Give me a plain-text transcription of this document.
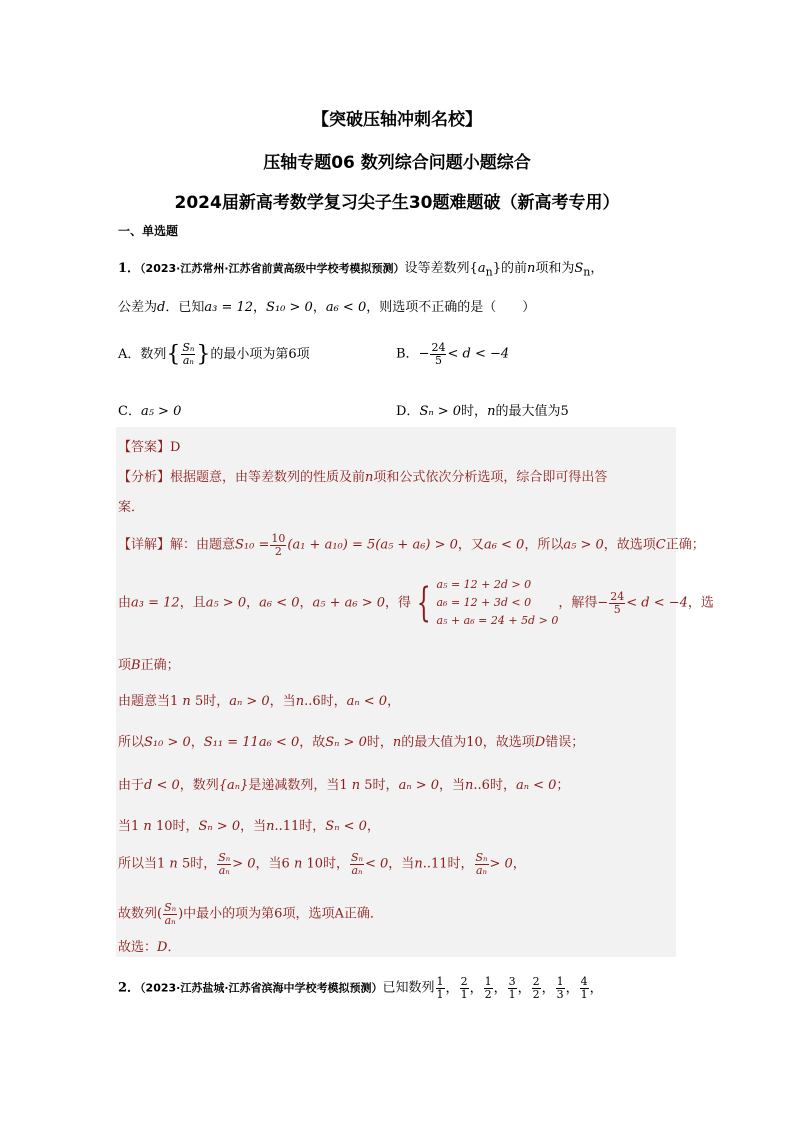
【突破压轴冲刺名校】
压轴专题06 数列综合问题小题综合
2024届新高考数学复习尖子生30题难题破（新高考专用）
一、单选题
1．（2023·江苏常州·江苏省前黄高级中学校考模拟预测）设等差数列$\{a_n\}$的前n项和为$S_n$，
公差为d．已知a₃ = 12，S₁₀ > 0，a₆ < 0，则选项不正确的是（　　）
A．数列{ $\frac{\text{Sₙ}}{\text{aₙ}}$ }的最小项为第6项	B．− $\frac{24}{5} < d < -4$
C．a₅ > 0	D．Sₙ > 0时，n的最大值为5
【答案】D
【分析】根据题意，由等差数列的性质及前n项和公式依次分析选项，综合即可得出答
案．
【详解】解：由题意$S_{10} = \frac{10}{2} (a_1 + a_{10}) = 5(a_5 + a_6) > 0$，又a₆ < 0，所以a₅ > 0，故选项C正确；
由a₃ = 12，且a₅ > 0，a₆ < 0，a₅ + a₆ > 0，得 { a₅ = 12 + 2d > 0
a₆ = 12 + 3d < 0
a₅ + a₆ = 24 + 5d > 0
，解得− $\frac{24}{5} < d < -4$，选
项B正确；
由题意当1 n 5时，aₙ > 0，当n..6时，aₙ < 0，
所以S₁₀ > 0，S₁₁ = 11a₆ < 0，故Sₙ > 0时，n的最大值为10，故选项D错误；
由于d < 0，数列{aₙ}是递减数列，当1 n 5时，aₙ > 0，当n..6时，aₙ < 0；
当1 n 10时，Sₙ > 0，当n..11时，Sₙ < 0，
所以当1 n 5时， $\frac{\text{Sₙ}}{\text{aₙ}} > 0$，当6 n 10时， $\frac{\text{Sₙ}}{\text{aₙ}} < 0$，当n..11时， $\frac{\text{Sₙ}}{\text{aₙ}} > 0$，
故数列( $\frac{\text{Sₙ}}{\text{aₙ}}$ )中最小的项为第6项，选项A正确．
故选：D．
2．（2023·江苏盐城·江苏省滨海中学校考模拟预测）已知数列 $\frac{1}{1}$ ， $\frac{2}{1}$ ， $\frac{1}{2}$ ， $\frac{3}{1}$ ， $\frac{2}{2}$ ， $\frac{1}{3}$ ， $\frac{4}{1}$ ，
